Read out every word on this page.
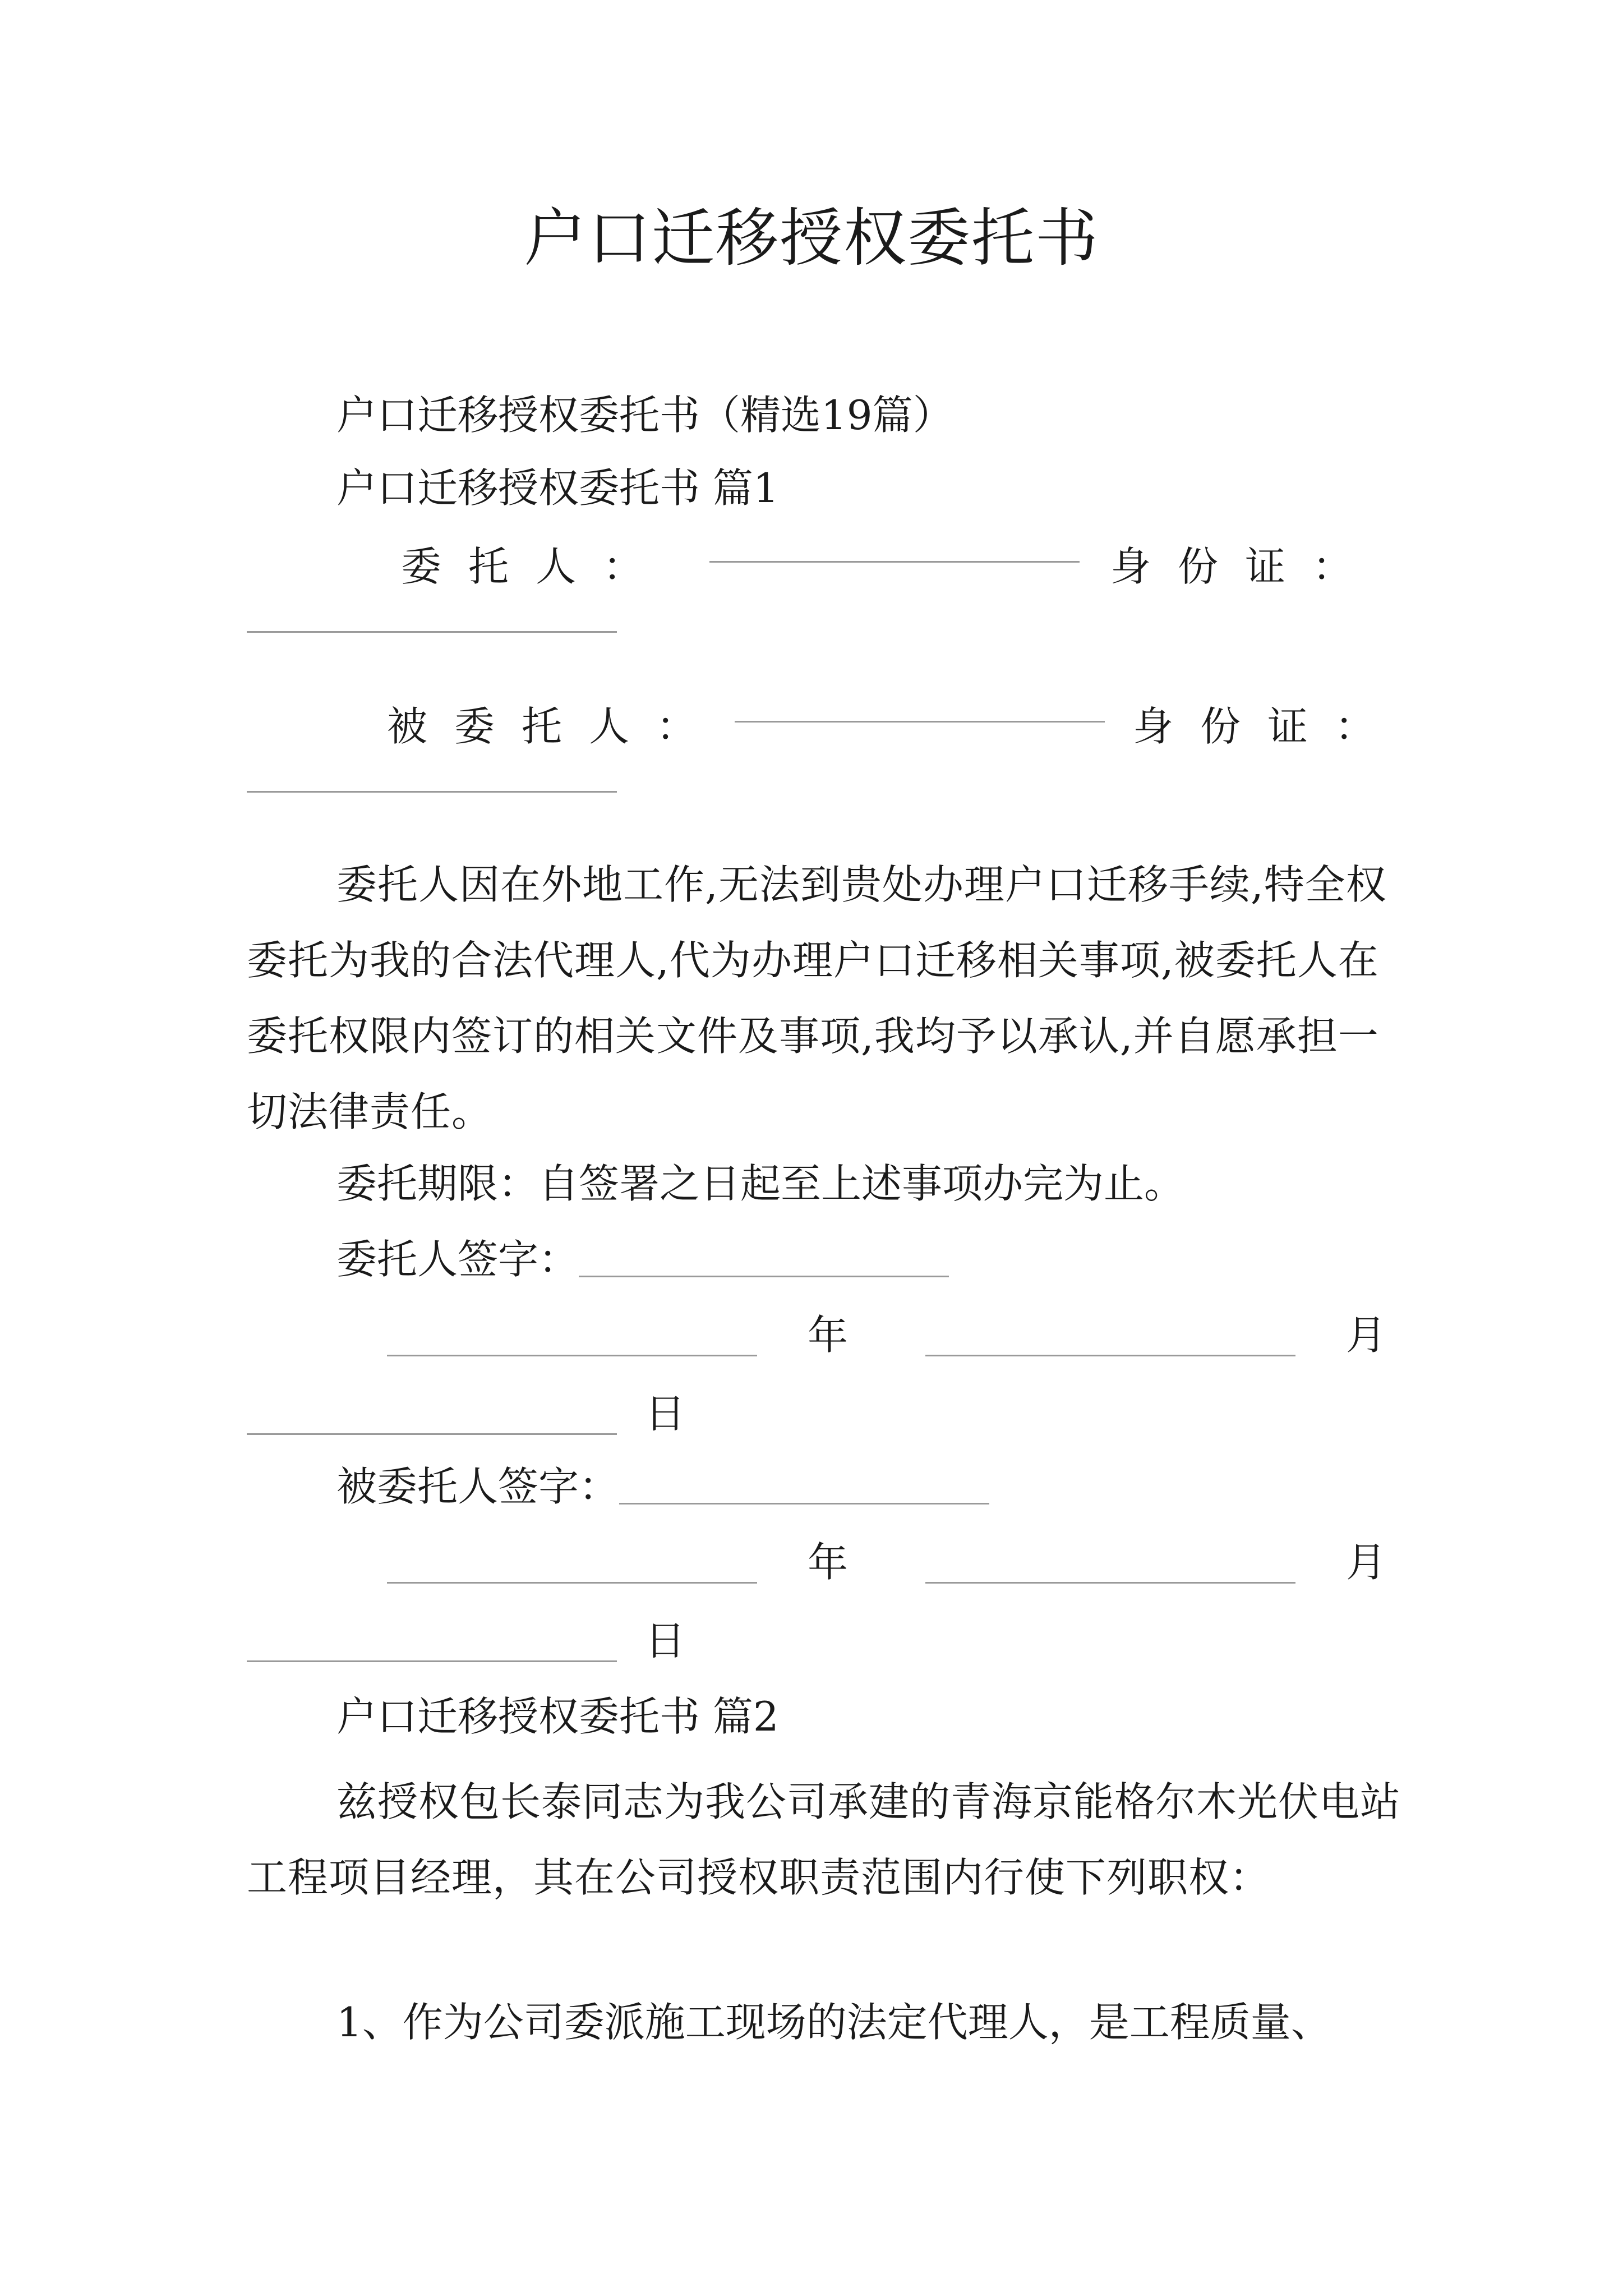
户口迁移授权委托书
户口迁移授权委托书（精选19篇）
户口迁移授权委托书 篇1
委托人：	身份证：
被委托人：	身份证：
委托人因在外地工作,无法到贵处办理户口迁移手续,特全权委托为我的合法代理人,代为办理户口迁移相关事项,被委托人在委托权限内签订的相关文件及事项,我均予以承认,并自愿承担一切法律责任。
委托期限：自签署之日起至上述事项办完为止。
委托人签字：
年	月
日
被委托人签字：
年	月
日
户口迁移授权委托书 篇2
兹授权包长泰同志为我公司承建的青海京能格尔木光伏电站工程项目经理，其在公司授权职责范围内行使下列职权：
1、作为公司委派施工现场的法定代理人，是工程质量、
